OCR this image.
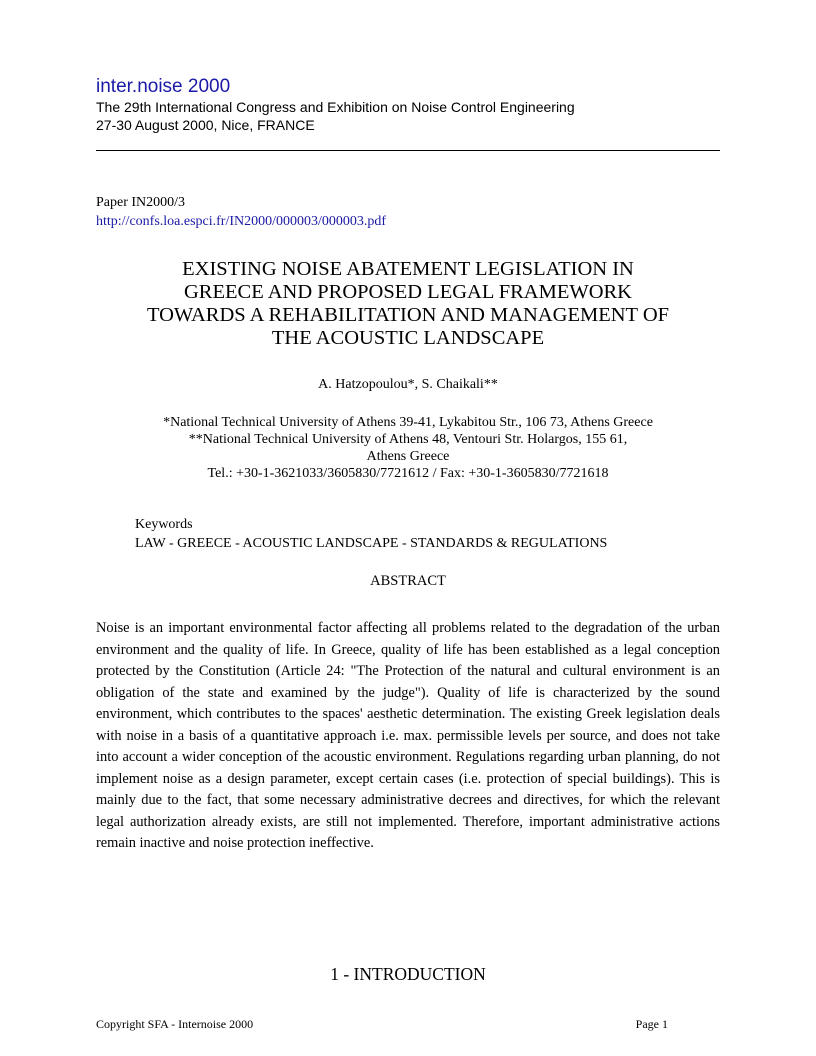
inter.noise 2000
The 29th International Congress and Exhibition on Noise Control Engineering
27-30 August 2000, Nice, FRANCE
Paper IN2000/3
http://confs.loa.espci.fr/IN2000/000003/000003.pdf
EXISTING NOISE ABATEMENT LEGISLATION IN
GREECE AND PROPOSED LEGAL FRAMEWORK
TOWARDS A REHABILITATION AND MANAGEMENT OF
THE ACOUSTIC LANDSCAPE
A. Hatzopoulou*, S. Chaikali**
*National Technical University of Athens 39-41, Lykabitou Str., 106 73, Athens Greece
**National Technical University of Athens 48, Ventouri Str. Holargos, 155 61,
Athens Greece
Tel.: +30-1-3621033/3605830/7721612 / Fax: +30-1-3605830/7721618
Keywords
LAW - GREECE - ACOUSTIC LANDSCAPE - STANDARDS & REGULATIONS
ABSTRACT

Noise is an important environmental factor affecting all problems related to the degradation of the urban environment and the quality of life. In Greece, quality of life has been established as a legal conception protected by the Constitution (Article 24: "The Protection of the natural and cultural environment is an obligation of the state and examined by the judge"). Quality of life is characterized by the sound environment, which contributes to the spaces' aesthetic determination. The existing Greek legislation deals with noise in a basis of a quantitative approach i.e. max. permissible levels per source, and does not take into account a wider conception of the acoustic environment. Regulations regarding urban planning, do not implement noise as a design parameter, except certain cases (i.e. protection of special buildings). This is mainly due to the fact, that some necessary administrative decrees and directives, for which the relevant legal authorization already exists, are still not implemented. Therefore, important administrative actions remain inactive and noise protection ineffective.

1 - INTRODUCTION
Copyright SFA - Internoise 2000	Page 1
